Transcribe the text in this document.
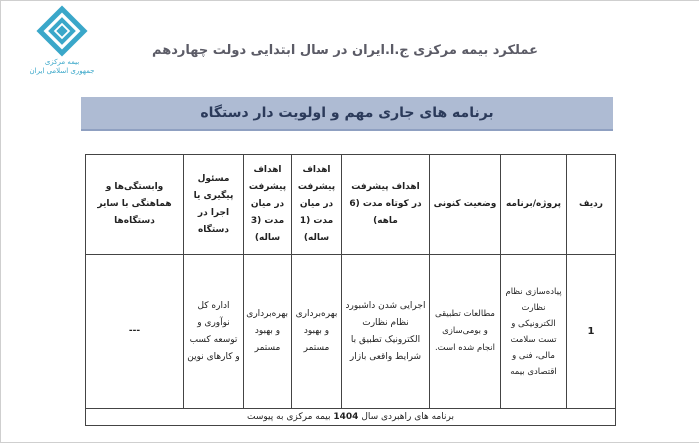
بیمه مرکزی
جمهوری اسلامی ایران
عملکرد بیمه مرکزی ج.ا.ایران در سال ابتدایی دولت چهاردهم
برنامه های جاری مهم و اولویت دار دستگاه
ردیف	پروژه/برنامه	وضعیت کنونی	اهداف پیشرفت در کوتاه مدت (6 ماهه)	اهداف پیشرفت در میان مدت (1 ساله)	اهداف پیشرفت در میان مدت (3 ساله)	مسئول پیگیری یا اجرا در دستگاه	وابستگی‌ها و هماهنگی با سایر دستگاه‌ها
1	پیاده‌سازی نظام نظارت الکترونیکی و تست سلامت مالی، فنی و اقتصادی بیمه	مطالعات تطبیقی و بومی‌سازی انجام شده است.	اجرایی شدن داشبورد نظام نظارت الکترونیک تطبیق با شرایط واقعی بازار	بهره‌برداری و بهبود مستمر	بهره‌برداری و بهبود مستمر	اداره کل نوآوری و توسعه کسب و کارهای نوین	---
برنامه های راهبردی سال 1404 بیمه مرکزی به پیوست							
